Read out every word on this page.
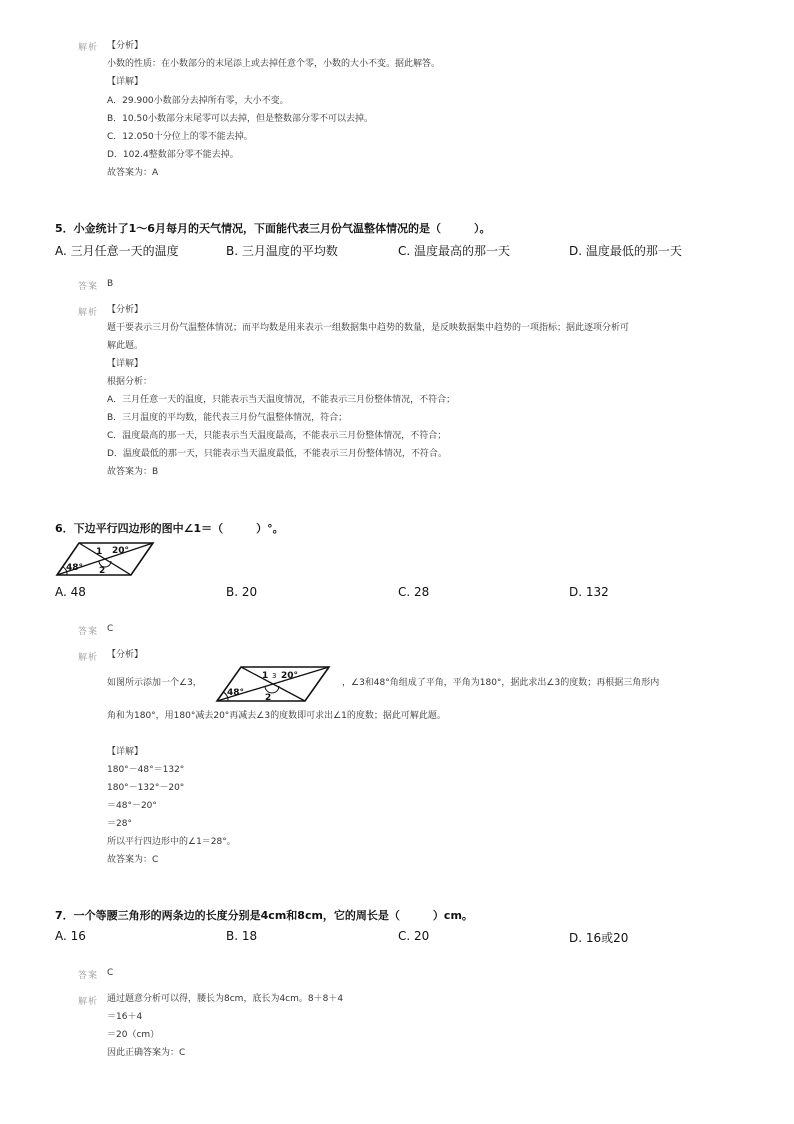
解析 【分析】
小数的性质：在小数部分的末尾添上或去掉任意个零，小数的大小不变。据此解答。
【详解】
A．29.900小数部分去掉所有零，大小不变。
B．10.50小数部分末尾零可以去掉，但是整数部分零不可以去掉。
C．12.050十分位上的零不能去掉。
D．102.4整数部分零不能去掉。
故答案为：A
5．小金统计了1～6月每月的天气情况，下面能代表三月份气温整体情况的是（　　　）。
A. 三月任意一天的温度	B. 三月温度的平均数	C. 温度最高的那一天	D. 温度最低的那一天
答案 B
解析 【分析】
题干要表示三月份气温整体情况；而平均数是用来表示一组数据集中趋势的数量，是反映数据集中趋势的一项指标；据此逐项分析可
解此题。
【详解】
根据分析：
A．三月任意一天的温度，只能表示当天温度情况，不能表示三月份整体情况，不符合；
B．三月温度的平均数，能代表三月份气温整体情况，符合；
C．温度最高的那一天，只能表示当天温度最高，不能表示三月份整体情况，不符合；
D．温度最低的那一天，只能表示当天温度最低，不能表示三月份整体情况，不符合。
故答案为：B
6．下边平行四边形的图中∠1＝（　　　）°。
48°
20°
1
2
A. 48	B. 20	C. 28	D. 132
答案 C
解析 【分析】
如图所示添加一个∠3，
48°
20°
1 3
2
，∠3和48°角组成了平角，平角为180°，据此求出∠3的度数；再根据三角形内
角和为180°，用180°减去20°再减去∠3的度数即可求出∠1的度数；据此可解此题。
【详解】
180°－48°＝132°
180°－132°－20°
＝48°－20°
＝28°
所以平行四边形中的∠1＝28°。
故答案为：C
7．一个等腰三角形的两条边的长度分别是4cm和8cm，它的周长是（　　　）cm。
A. 16	B. 18	C. 20	D. 16或20
答案 C
解析 通过题意分析可以得，腰长为8cm，底长为4cm。8＋8＋4
＝16＋4
＝20（cm）
因此正确答案为：C
